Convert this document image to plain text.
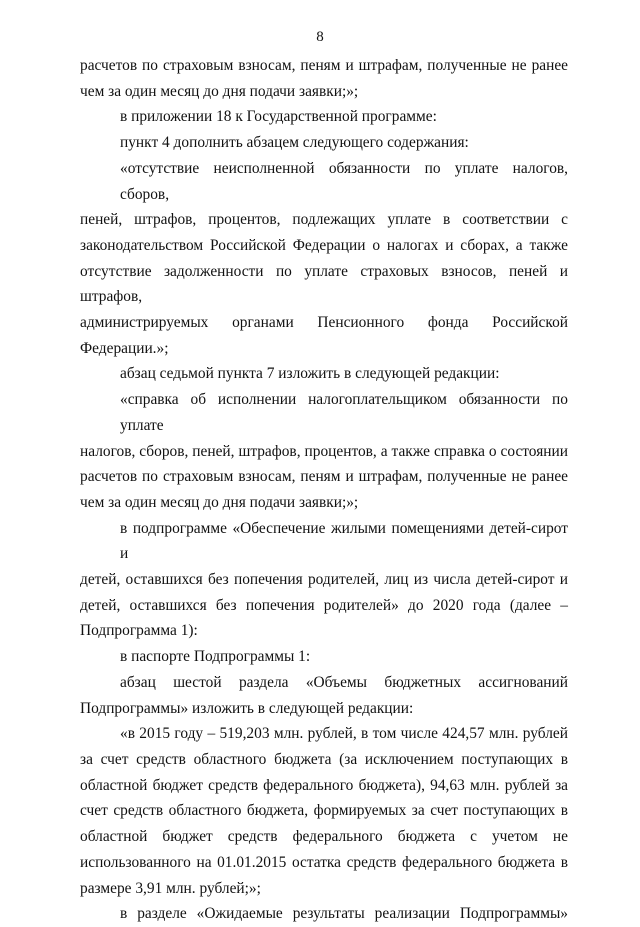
8
расчетов по страховым взносам, пеням и штрафам, полученные не ранее
чем за один месяц до дня подачи заявки;»;
в приложении 18 к Государственной программе:
пункт 4 дополнить абзацем следующего содержания:
«отсутствие неисполненной обязанности по уплате налогов, сборов,
пеней, штрафов, процентов, подлежащих уплате в соответствии с
законодательством Российской Федерации о налогах и сборах, а также
отсутствие задолженности по уплате страховых взносов, пеней и штрафов,
администрируемых органами Пенсионного фонда Российской
Федерации.»;
абзац седьмой пункта 7 изложить в следующей редакции:
«справка об исполнении налогоплательщиком обязанности по уплате
налогов, сборов, пеней, штрафов, процентов, а также справка о состоянии
расчетов по страховым взносам, пеням и штрафам, полученные не ранее
чем за один месяц до дня подачи заявки;»;
в подпрограмме «Обеспечение жилыми помещениями детей-сирот и
детей, оставшихся без попечения родителей, лиц из числа детей-сирот и
детей, оставшихся без попечения родителей» до 2020 года (далее –
Подпрограмма 1):
в паспорте Подпрограммы 1:
абзац шестой раздела «Объемы бюджетных ассигнований
Подпрограммы» изложить в следующей редакции:
«в 2015 году – 519,203 млн. рублей, в том числе 424,57 млн. рублей
за счет средств областного бюджета (за исключением поступающих в
областной бюджет средств федерального бюджета), 94,63 млн. рублей за
счет средств областного бюджета, формируемых за счет поступающих в
областной бюджет средств федерального бюджета с учетом не
использованного на 01.01.2015 остатка средств федерального бюджета в
размере 3,91 млн. рублей;»;
в разделе «Ожидаемые результаты реализации Подпрограммы»
